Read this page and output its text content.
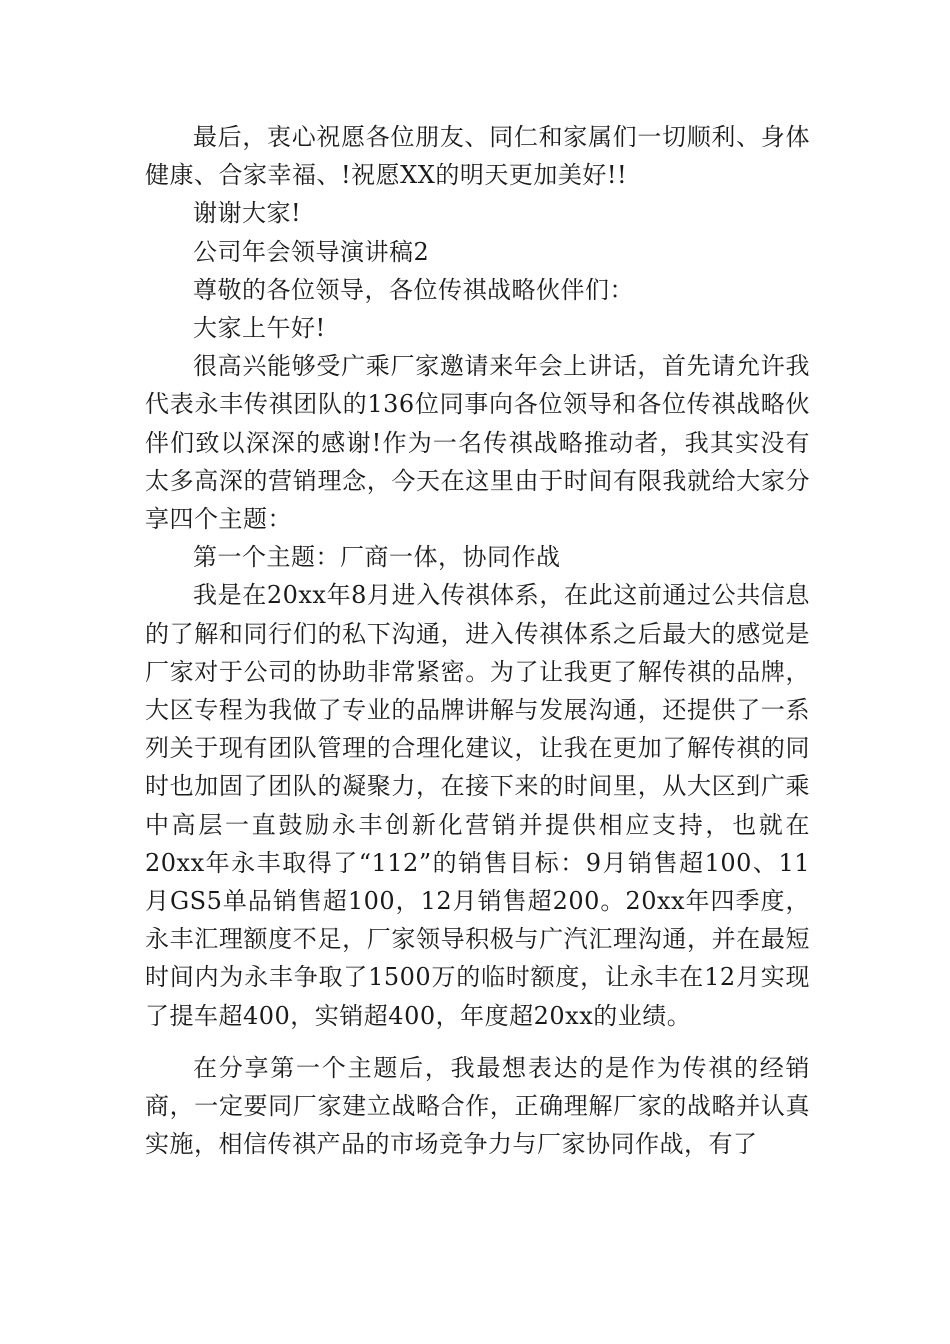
最后，衷心祝愿各位朋友、同仁和家属们一切顺利、身体健康、合家幸福、!祝愿XX的明天更加美好!!

谢谢大家!

公司年会领导演讲稿2

尊敬的各位领导，各位传祺战略伙伴们：

大家上午好!

很高兴能够受广乘厂家邀请来年会上讲话，首先请允许我代表永丰传祺团队的136位同事向各位领导和各位传祺战略伙伴们致以深深的感谢!作为一名传祺战略推动者，我其实没有太多高深的营销理念，今天在这里由于时间有限我就给大家分享四个主题：

第一个主题：厂商一体，协同作战

我是在20xx年8月进入传祺体系，在此这前通过公共信息的了解和同行们的私下沟通，进入传祺体系之后最大的感觉是厂家对于公司的协助非常紧密。为了让我更了解传祺的品牌，大区专程为我做了专业的品牌讲解与发展沟通，还提供了一系列关于现有团队管理的合理化建议，让我在更加了解传祺的同时也加固了团队的凝聚力，在接下来的时间里，从大区到广乘中高层一直鼓励永丰创新化营销并提供相应支持，也就在20xx年永丰取得了“112”的销售目标：9月销售超100、11月GS5单品销售超100，12月销售超200。20xx年四季度，永丰汇理额度不足，厂家领导积极与广汽汇理沟通，并在最短时间内为永丰争取了1500万的临时额度，让永丰在12月实现了提车超400，实销超400，年度超20xx的业绩。

在分享第一个主题后，我最想表达的是作为传祺的经销商，一定要同厂家建立战略合作，正确理解厂家的战略并认真实施，相信传祺产品的市场竞争力与厂家协同作战，有了
